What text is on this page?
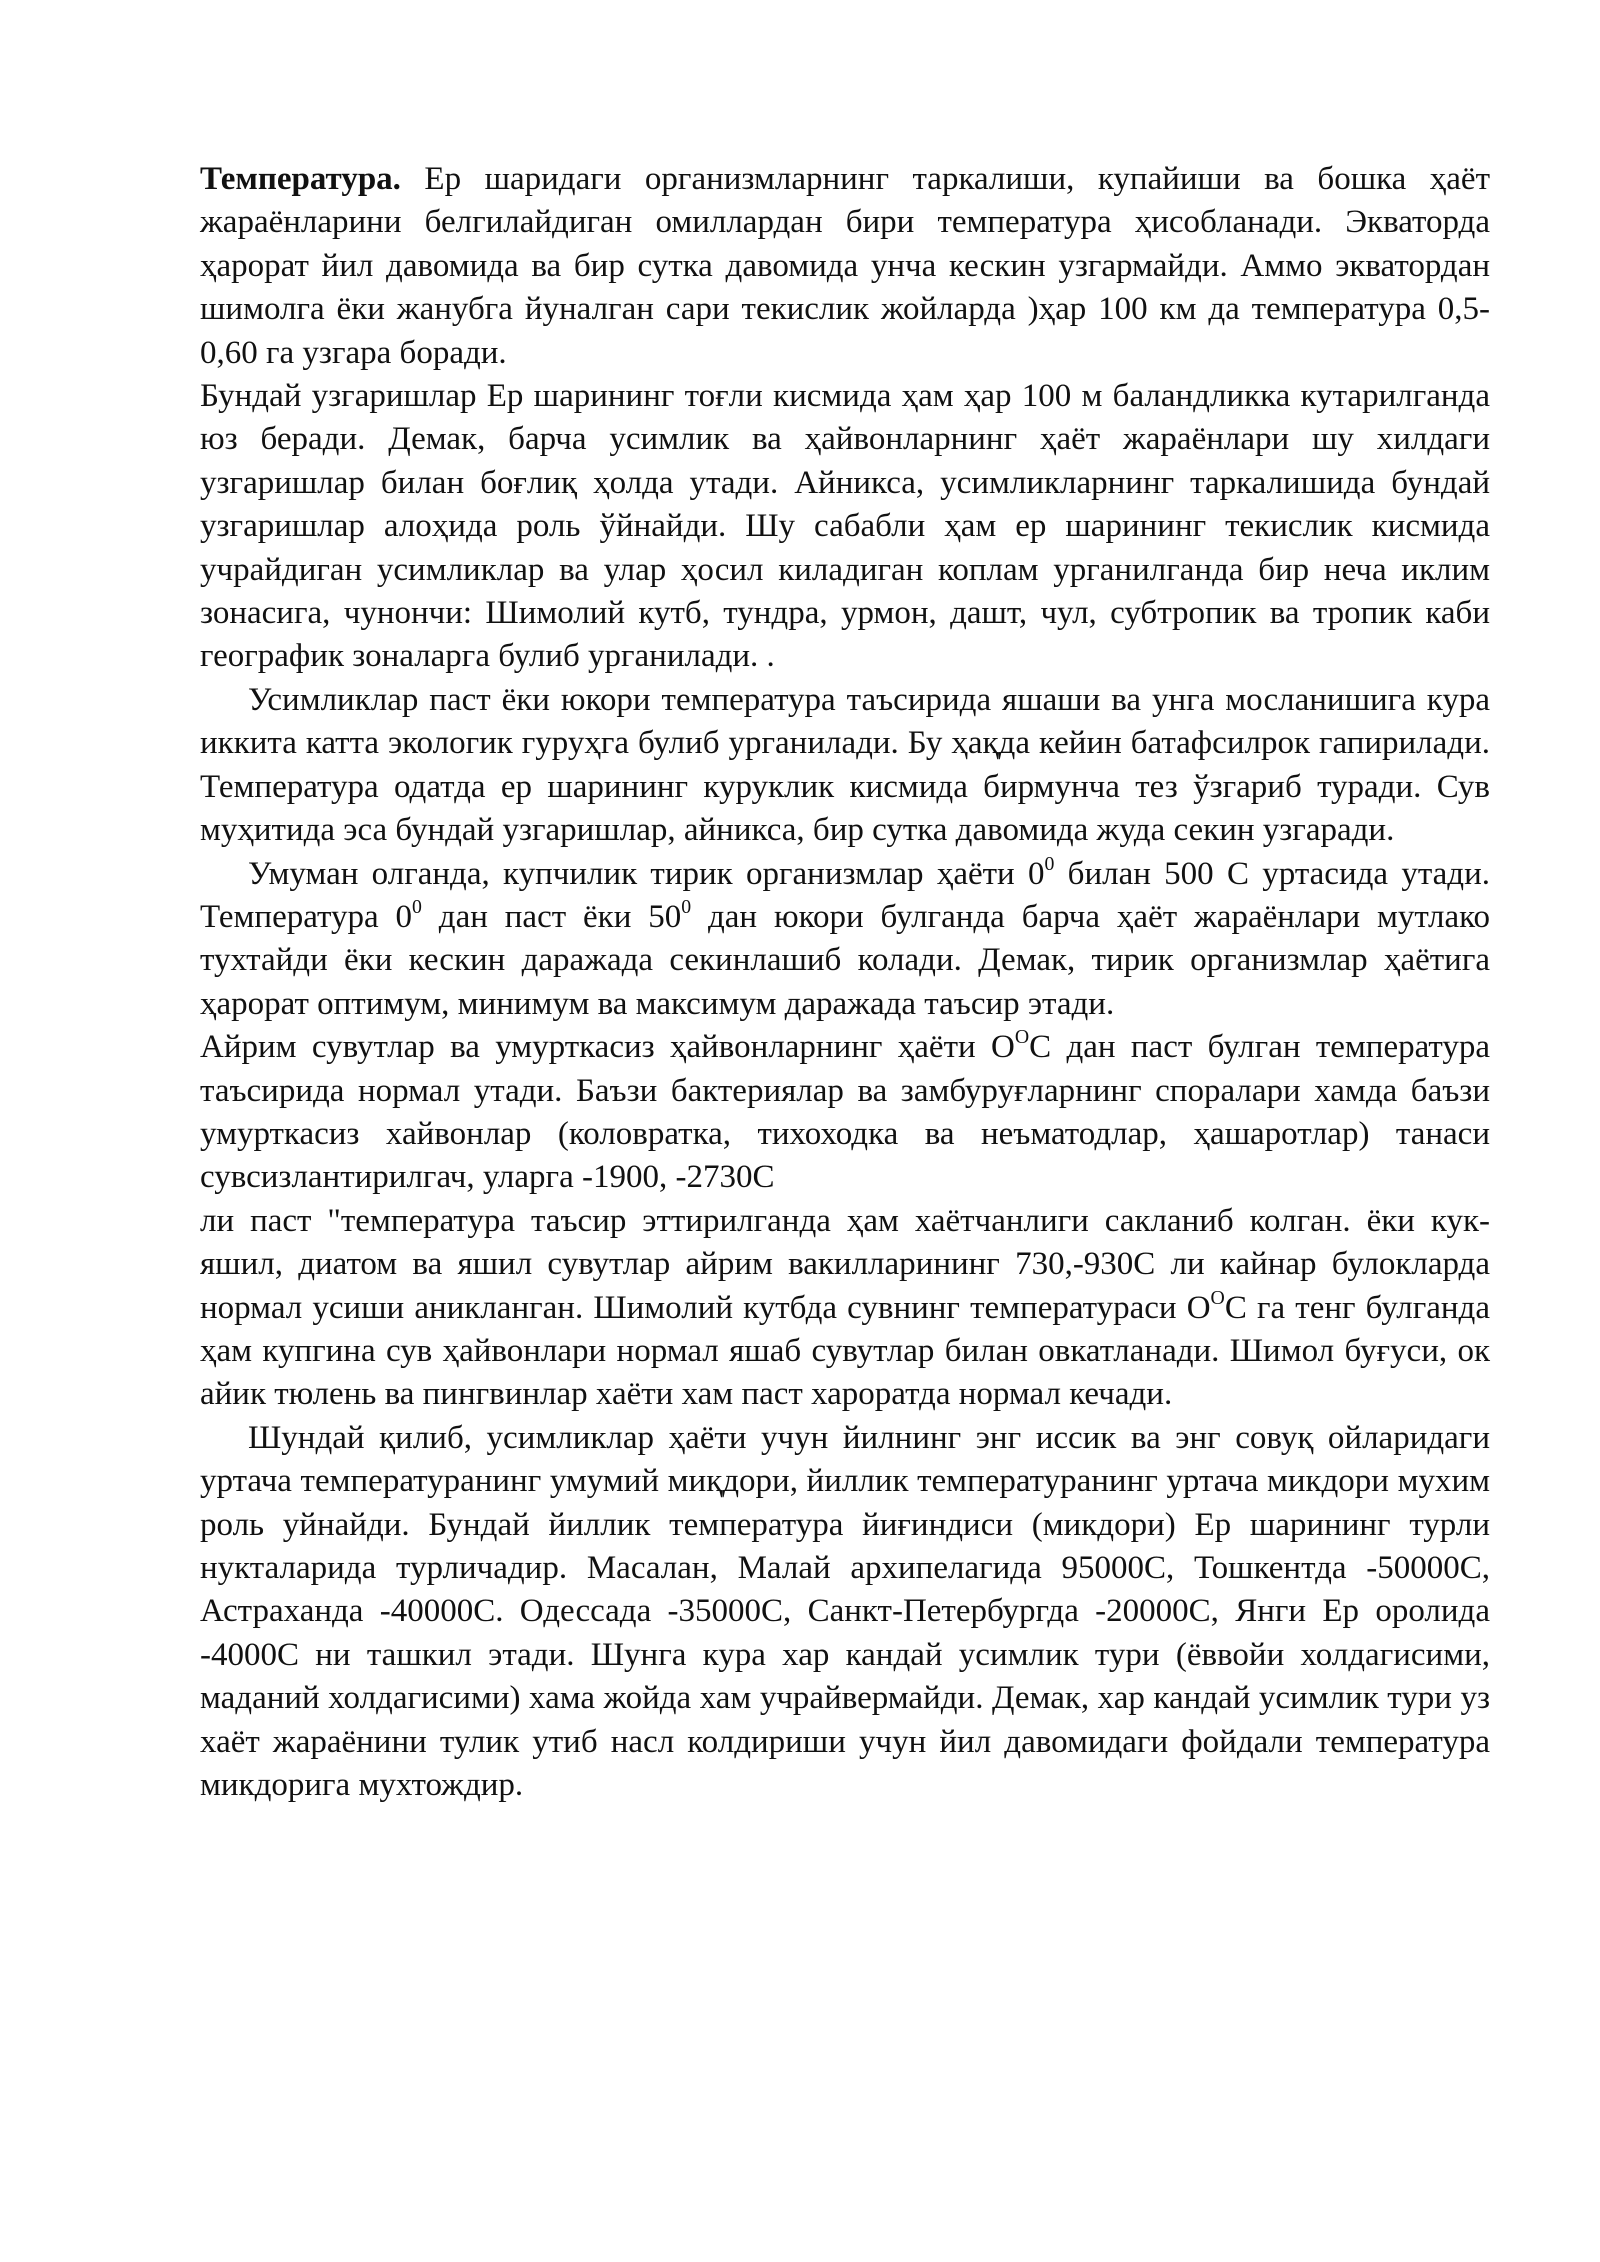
Температура. Ер шаридаги организмларнинг таркалиши, купайиши ва бошка ҳаёт жараёнларини белгилайдиган омиллардан бири температура ҳисобланади. Экваторда ҳарорат йил давомида ва бир сутка давомида унча кескин узгармайди. Аммо экватордан шимолга ёки жанубга йуналган сари текислик жойларда )ҳар 100 км да температура 0,5-0,60 га узгара боради.

Бундай узгаришлар Ер шарининг тоғли кисмида ҳам ҳар 100 м баландликка кутарилганда юз беради. Демак, барча усимлик ва ҳайвонларнинг ҳаёт жараёнлари шу хилдаги узгаришлар билан боғлиқ ҳолда утади. Айникса, усимликларнинг таркалишида бундай узгаришлар алоҳида роль ўйнайди. Шу сабабли ҳам ер шарининг текислик кисмида учрайдиган усимликлар ва улар ҳосил киладиган коплам урганилганда бир неча иклим зонасига, чунончи: Шимолий кутб, тундра, урмон, дашт, чул, субтропик ва тропик каби географик зоналарга булиб урганилади. .

Усимликлар паст ёки юкори температура таъсирида яшаши ва унга мосланишига кура иккита катта экологик гуруҳга булиб урганилади. Бу ҳақда кейин батафсилрок гапирилади. Температура одатда ер шарининг куруклик кисмида бирмунча тез ўзгариб туради. Сув муҳитида эса бундай узгаришлар, айникса, бир сутка давомида жуда секин узгаради.

Умуман олганда, купчилик тирик организмлар ҳаёти $0^0$ билан 500 С уртасида утади. Температура $0^0$ дан паст ёки $50^0$ дан юкори булганда барча ҳаёт жараёнлари мутлако тухтайди ёки кескин даражада секинлашиб колади. Демак, тирик организмлар ҳаётига ҳарорат оптимум, минимум ва максимум даражада таъсир этади.

Айрим сувутлар ва умурткасиз ҳайвонларнинг ҳаёти $О^ОС$ дан паст булган температура таъсирида нормал утади. Баъзи бактериялар ва замбуруғларнинг споралари хамда баъзи умурткасиз хайвонлар (коловратка, тихоходка ва неъматодлар, ҳашаротлар) танаси сувсизлантирилгач, уларга -1900, -2730С

ли паст "температура таъсир эттирилганда ҳам хаётчанлиги сакланиб колган. ёки кук-яшил, диатом ва яшил сувутлар айрим вакилларининг 730,-930С ли кайнар булокларда нормал усиши аникланган. Шимолий кутбда сувнинг температураси $О^ОС$ га тенг булганда ҳам купгина сув ҳайвонлари нормал яшаб сувутлар билан овкатланади. Шимол буғуси, ок айик тюлень ва пингвинлар хаёти хам паст хароратда нормал кечади.

Шундай қилиб, усимликлар ҳаёти учун йилнинг энг иссик ва энг совуқ ойларидаги уртача температуранинг умумий миқдори, йиллик температуранинг уртача микдори мухим роль уйнайди. Бундай йиллик температура йиғиндиси (микдори) Ер шарининг турли нукталарида турличадир. Масалан, Малай архипелагида 95000С, Тошкентда -50000С, Астраханда -40000С. Одессада -35000С, Санкт-Петербургда -20000С, Янги Ер оролида -4000С ни ташкил этади. Шунга кура хар кандай усимлик тури (ёввойи холдагисими, маданий холдагисими) хама жойда хам учрайвермайди. Демак, хар кандай усимлик тури уз хаёт жараёнини тулик утиб насл колдириши учун йил давомидаги фойдали температура микдорига мухтождир.
